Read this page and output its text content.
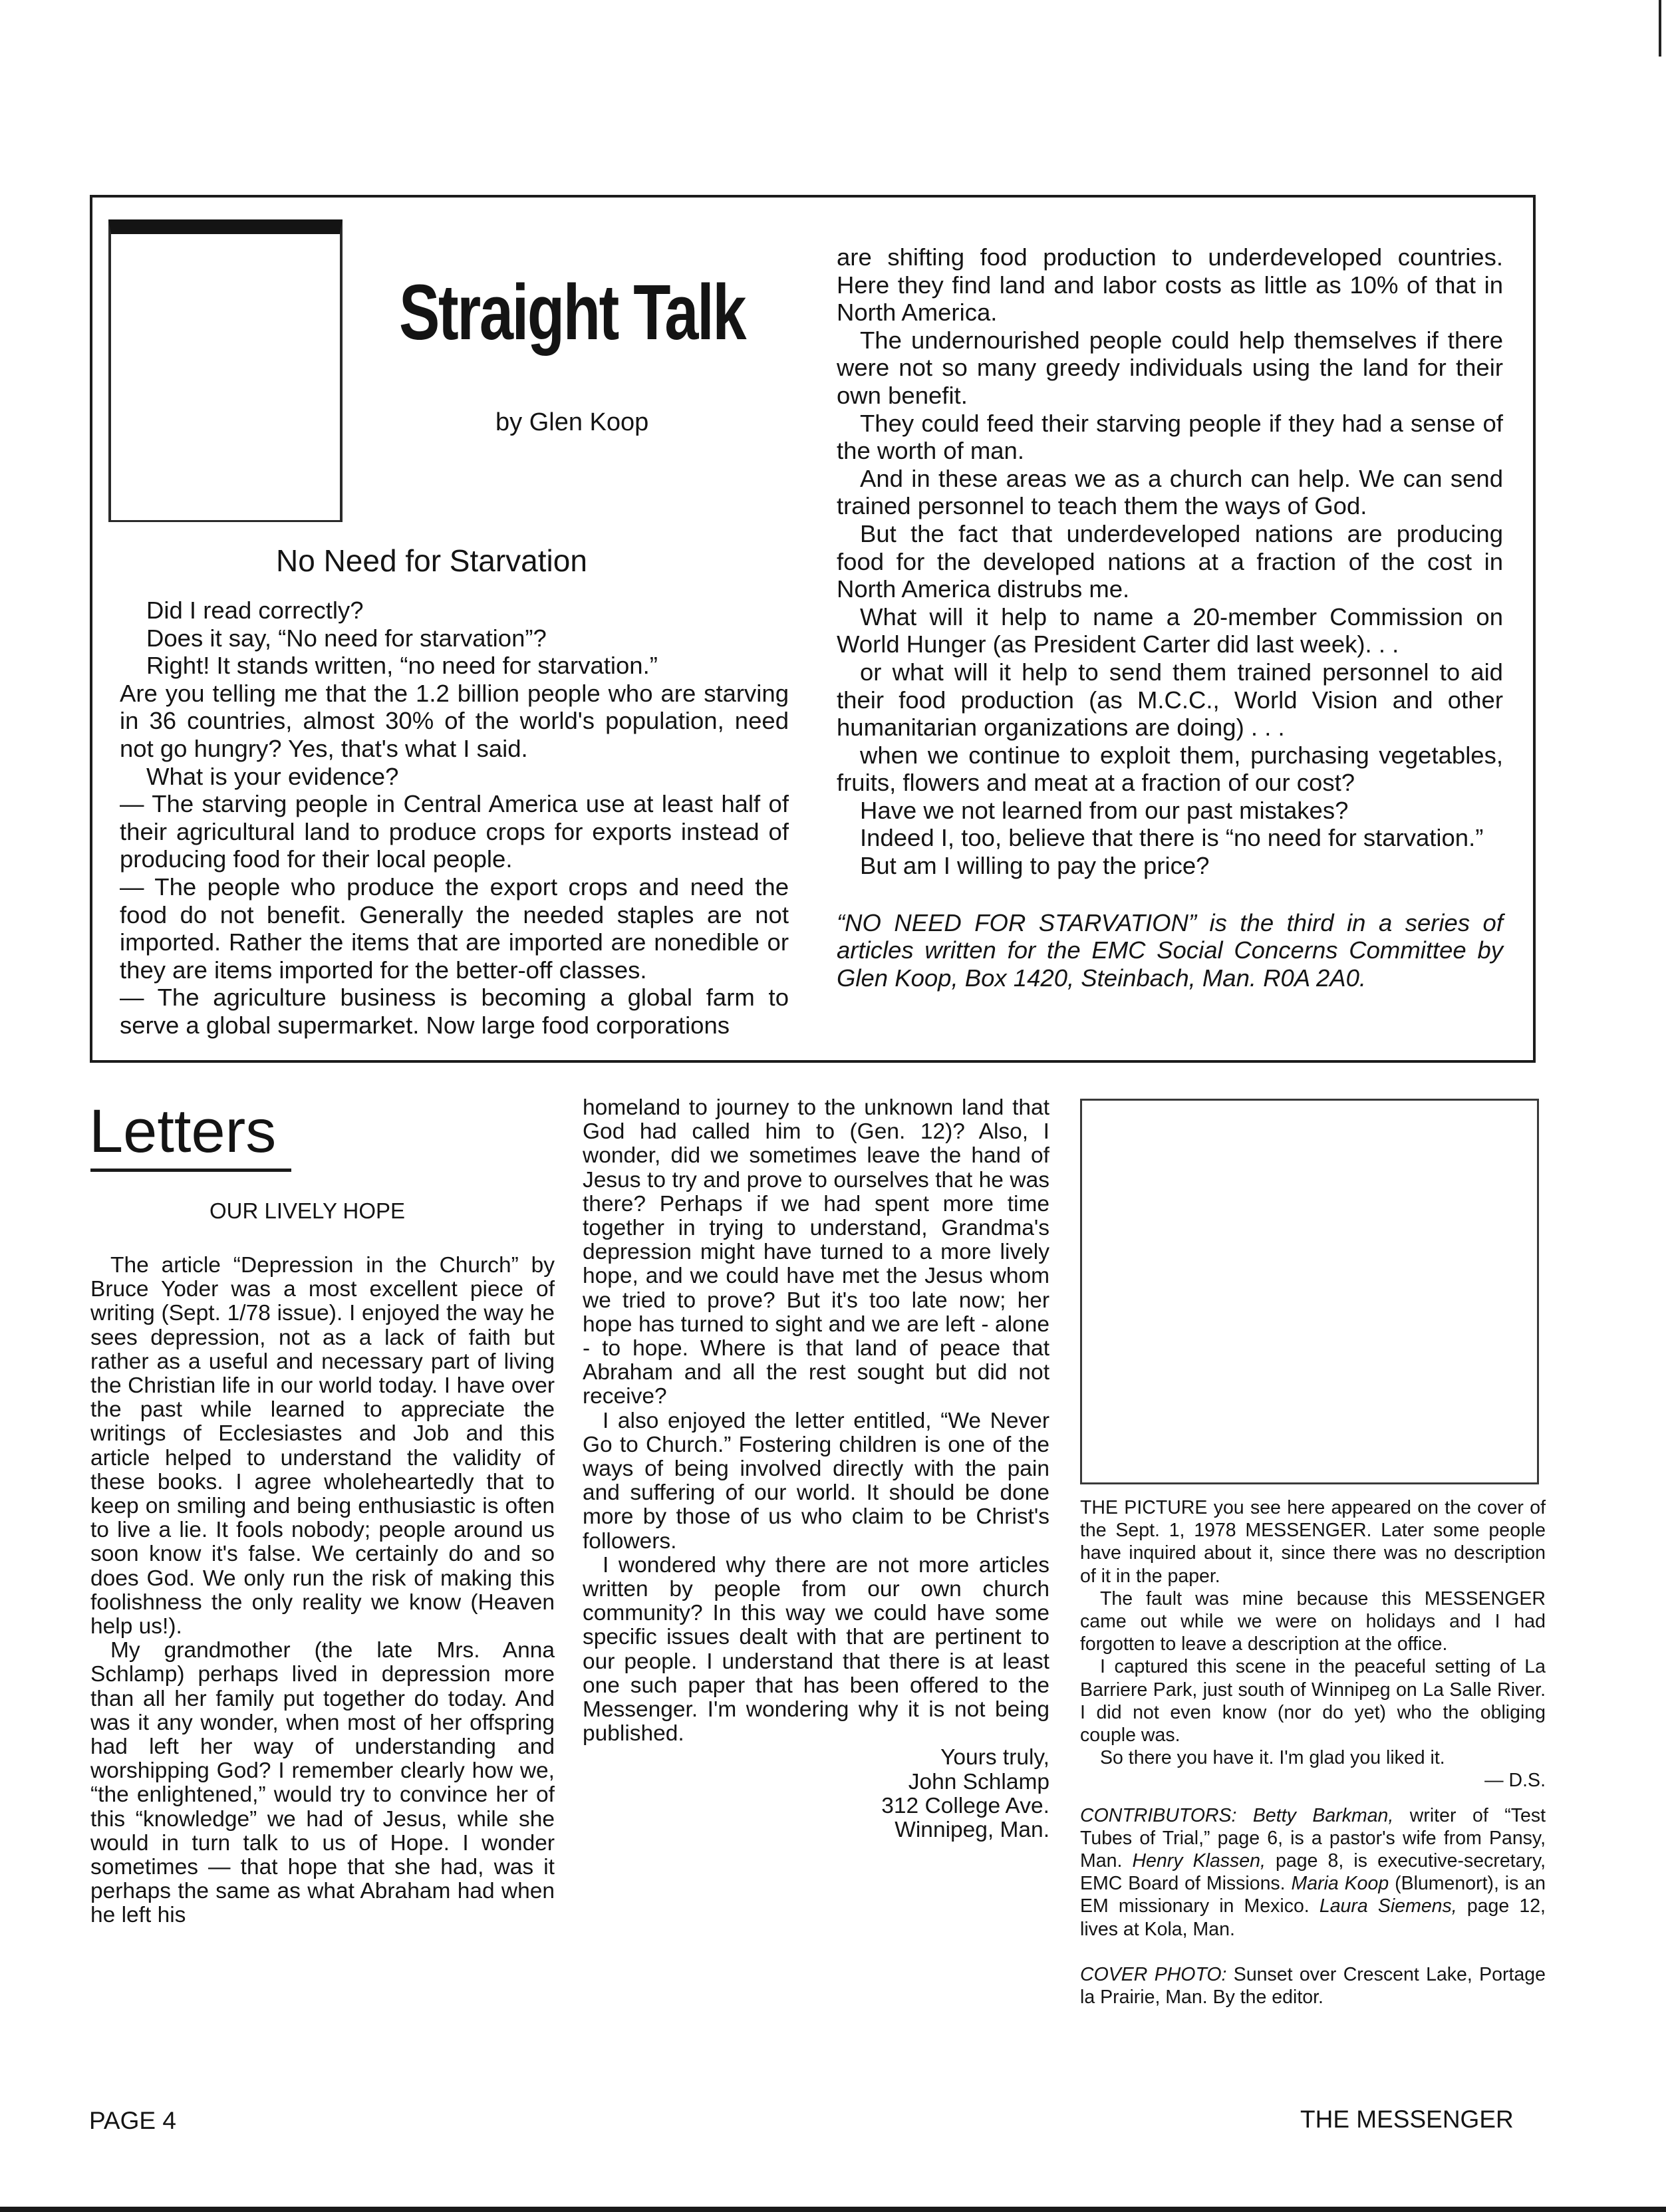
Straight Talk
by Glen Koop
No Need for Starvation

Did I read correctly?

Does it say, “No need for starvation”?

Right! It stands written, “no need for starvation.”

Are you telling me that the 1.2 billion people who are starving in 36 countries, almost 30% of the world's population, need not go hungry? Yes, that's what I said.

What is your evidence?

— The starving people in Central America use at least half of their agricultural land to produce crops for exports instead of producing food for their local people.

— The people who produce the export crops and need the food do not benefit. Generally the needed staples are not imported. Rather the items that are imported are nonedible or they are items imported for the better-off classes.

— The agriculture business is becoming a global farm to serve a global supermarket. Now large food corporations

are shifting food production to underdeveloped countries. Here they find land and labor costs as little as 10% of that in North America.

The undernourished people could help themselves if there were not so many greedy individuals using the land for their own benefit.

They could feed their starving people if they had a sense of the worth of man.

And in these areas we as a church can help. We can send trained personnel to teach them the ways of God.

But the fact that underdeveloped nations are producing food for the developed nations at a fraction of the cost in North America distrubs me.

What will it help to name a 20-member Commission on World Hunger (as President Carter did last week). . .

or what will it help to send them trained personnel to aid their food production (as M.C.C., World Vision and other humanitarian organizations are doing) . . .

when we continue to exploit them, purchasing vegetables, fruits, flowers and meat at a fraction of our cost?

Have we not learned from our past mistakes?

Indeed I, too, believe that there is “no need for starvation.”

But am I willing to pay the price?

“NO NEED FOR STARVATION” is the third in a series of articles written for the EMC Social Concerns Committee by Glen Koop, Box 1420, Steinbach, Man. R0A 2A0.

Letters
OUR LIVELY HOPE

The article “Depression in the Church” by Bruce Yoder was a most excellent piece of writing (Sept. 1/78 issue). I enjoyed the way he sees depression, not as a lack of faith but rather as a useful and necessary part of living the Christian life in our world today. I have over the past while learned to appreciate the writings of Ecclesiastes and Job and this article helped to understand the validity of these books. I agree wholeheartedly that to keep on smiling and being enthusiastic is often to live a lie. It fools nobody; people around us soon know it's false. We certainly do and so does God. We only run the risk of making this foolishness the only reality we know (Heaven help us!).

My grandmother (the late Mrs. Anna Schlamp) perhaps lived in depression more than all her family put together do today. And was it any wonder, when most of her offspring had left her way of understanding and worshipping God? I remember clearly how we, “the enlightened,” would try to convince her of this “knowledge” we had of Jesus, while she would in turn talk to us of Hope. I wonder sometimes — that hope that she had, was it perhaps the same as what Abraham had when he left his

homeland to journey to the unknown land that God had called him to (Gen. 12)? Also, I wonder, did we sometimes leave the hand of Jesus to try and prove to ourselves that he was there? Perhaps if we had spent more time together in trying to understand, Grandma's depression might have turned to a more lively hope, and we could have met the Jesus whom we tried to prove? But it's too late now; her hope has turned to sight and we are left - alone - to hope. Where is that land of peace that Abraham and all the rest sought but did not receive?

I also enjoyed the letter entitled, “We Never Go to Church.” Fostering children is one of the ways of being involved directly with the pain and suffering of our world. It should be done more by those of us who claim to be Christ's followers.

I wondered why there are not more articles written by people from our own church community? In this way we could have some specific issues dealt with that are pertinent to our people. I understand that there is at least one such paper that has been offered to the Messenger. I'm wondering why it is not being published.

Yours truly,
John Schlamp
312 College Ave.
Winnipeg, Man.

THE PICTURE you see here appeared on the cover of the Sept. 1, 1978 MESSENGER. Later some people have inquired about it, since there was no description of it in the paper.

The fault was mine because this MESSENGER came out while we were on holidays and I had forgotten to leave a description at the office.

I captured this scene in the peaceful setting of La Barriere Park, just south of Winnipeg on La Salle River. I did not even know (nor do yet) who the obliging couple was.

So there you have it. I'm glad you liked it.

— D.S.

CONTRIBUTORS: Betty Barkman, writer of “Test Tubes of Trial,” page 6, is a pastor's wife from Pansy, Man. Henry Klassen, page 8, is executive-secretary, EMC Board of Missions. Maria Koop (Blumenort), is an EM missionary in Mexico. Laura Siemens, page 12, lives at Kola, Man.

COVER PHOTO: Sunset over Crescent Lake, Portage la Prairie, Man. By the editor.

PAGE 4	THE MESSENGER
